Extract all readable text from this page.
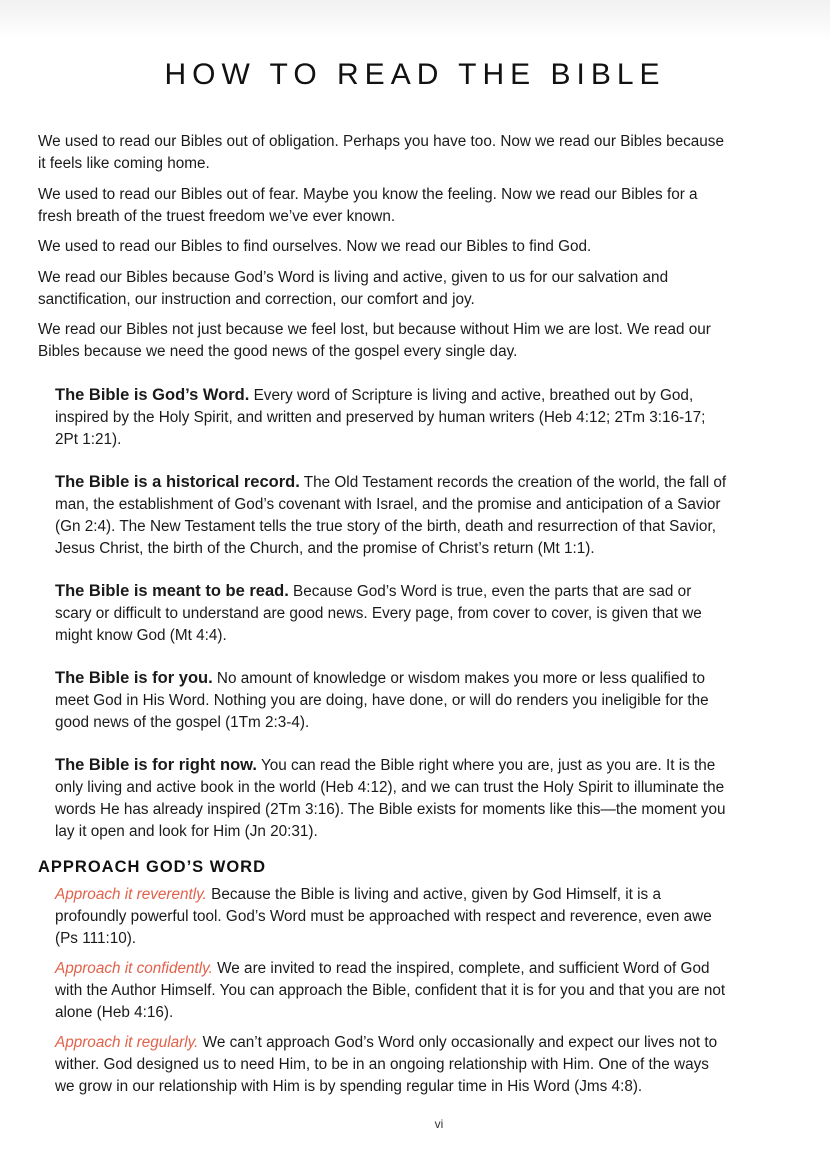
HOW TO READ THE BIBLE

We used to read our Bibles out of obligation. Perhaps you have too. Now we read our Bibles because it feels like coming home.

We used to read our Bibles out of fear. Maybe you know the feeling. Now we read our Bibles for a fresh breath of the truest freedom we’ve ever known.

We used to read our Bibles to find ourselves. Now we read our Bibles to find God.

We read our Bibles because God’s Word is living and active, given to us for our salvation and sanctification, our instruction and correction, our comfort and joy.

We read our Bibles not just because we feel lost, but because without Him we are lost. We read our Bibles because we need the good news of the gospel every single day.

The Bible is God’s Word. Every word of Scripture is living and active, breathed out by God, inspired by the Holy Spirit, and written and preserved by human writers (Heb 4:12; 2Tm 3:16-17; 2Pt 1:21).

The Bible is a historical record. The Old Testament records the creation of the world, the fall of man, the establishment of God’s covenant with Israel, and the promise and anticipation of a Savior (Gn 2:4). The New Testament tells the true story of the birth, death and resurrection of that Savior, Jesus Christ, the birth of the Church, and the promise of Christ’s return (Mt 1:1).

The Bible is meant to be read. Because God’s Word is true, even the parts that are sad or scary or difficult to understand are good news. Every page, from cover to cover, is given that we might know God (Mt 4:4).

The Bible is for you. No amount of knowledge or wisdom makes you more or less qualified to meet God in His Word. Nothing you are doing, have done, or will do renders you ineligible for the good news of the gospel (1Tm 2:3-4).

The Bible is for right now. You can read the Bible right where you are, just as you are. It is the only living and active book in the world (Heb 4:12), and we can trust the Holy Spirit to illuminate the words He has already inspired (2Tm 3:16). The Bible exists for moments like this—the moment you lay it open and look for Him (Jn 20:31).

APPROACH GOD’S WORD

Approach it reverently. Because the Bible is living and active, given by God Himself, it is a profoundly powerful tool. God’s Word must be approached with respect and reverence, even awe (Ps 111:10).

Approach it confidently. We are invited to read the inspired, complete, and sufficient Word of God with the Author Himself. You can approach the Bible, confident that it is for you and that you are not alone (Heb 4:16).

Approach it regularly. We can’t approach God’s Word only occasionally and expect our lives not to wither. God designed us to need Him, to be in an ongoing relationship with Him. One of the ways we grow in our relationship with Him is by spending regular time in His Word (Jms 4:8).

vi
